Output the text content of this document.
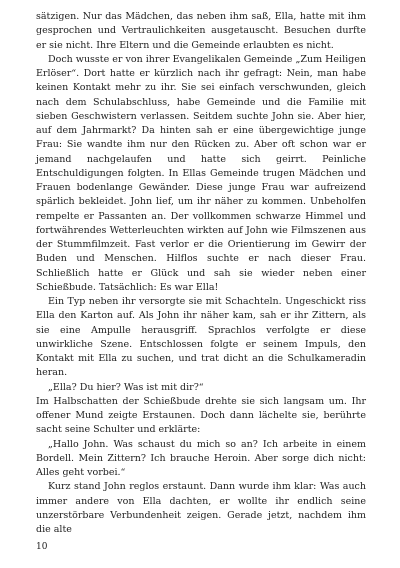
sätzigen. Nur das Mädchen, das neben ihm saß, Ella, hatte mit ihm gesprochen und Vertraulichkeiten ausgetauscht. Besuchen durfte er sie nicht. Ihre Eltern und die Gemeinde erlaubten es nicht.

Doch wusste er von ihrer Evangelikalen Gemeinde „Zum Heiligen Erlöser“. Dort hatte er kürzlich nach ihr gefragt: Nein, man habe keinen Kontakt mehr zu ihr. Sie sei einfach verschwunden, gleich nach dem Schulabschluss, habe Gemeinde und die Familie mit sieben Geschwistern verlassen. Seitdem suchte John sie. Aber hier, auf dem Jahrmarkt? Da hinten sah er eine übergewichtige junge Frau: Sie wandte ihm nur den Rücken zu. Aber oft schon war er jemand nachgelaufen und hatte sich geirrt. Peinliche Entschuldigungen folgten. In Ellas Gemeinde trugen Mädchen und Frauen bodenlange Gewänder. Diese junge Frau war aufreizend spärlich bekleidet. John lief, um ihr näher zu kommen. Unbeholfen rempelte er Passanten an. Der vollkommen schwarze Himmel und fortwährendes Wetterleuchten wirkten auf John wie Filmszenen aus der Stummfilmzeit. Fast verlor er die Orientierung im Gewirr der Buden und Menschen. Hilflos suchte er nach dieser Frau. Schließlich hatte er Glück und sah sie wieder neben einer Schießbude. Tatsächlich: Es war Ella!

Ein Typ neben ihr versorgte sie mit Schachteln. Ungeschickt riss Ella den Karton auf. Als John ihr näher kam, sah er ihr Zittern, als sie eine Ampulle herausgriff. Sprachlos verfolgte er diese unwirkliche Szene. Entschlossen folgte er seinem Impuls, den Kontakt mit Ella zu suchen, und trat dicht an die Schulkameradin heran.

„Ella? Du hier? Was ist mit dir?“

Im Halbschatten der Schießbude drehte sie sich langsam um. Ihr offener Mund zeigte Erstaunen. Doch dann lächelte sie, berührte sacht seine Schulter und erklärte:

„Hallo John. Was schaust du mich so an? Ich arbeite in einem Bordell. Mein Zittern? Ich brauche Heroin. Aber sorge dich nicht: Alles geht vorbei.“

Kurz stand John reglos erstaunt. Dann wurde ihm klar: Was auch immer andere von Ella dachten, er wollte ihr endlich seine unzerstörbare Verbundenheit zeigen. Gerade jetzt, nachdem ihm die alte

10
